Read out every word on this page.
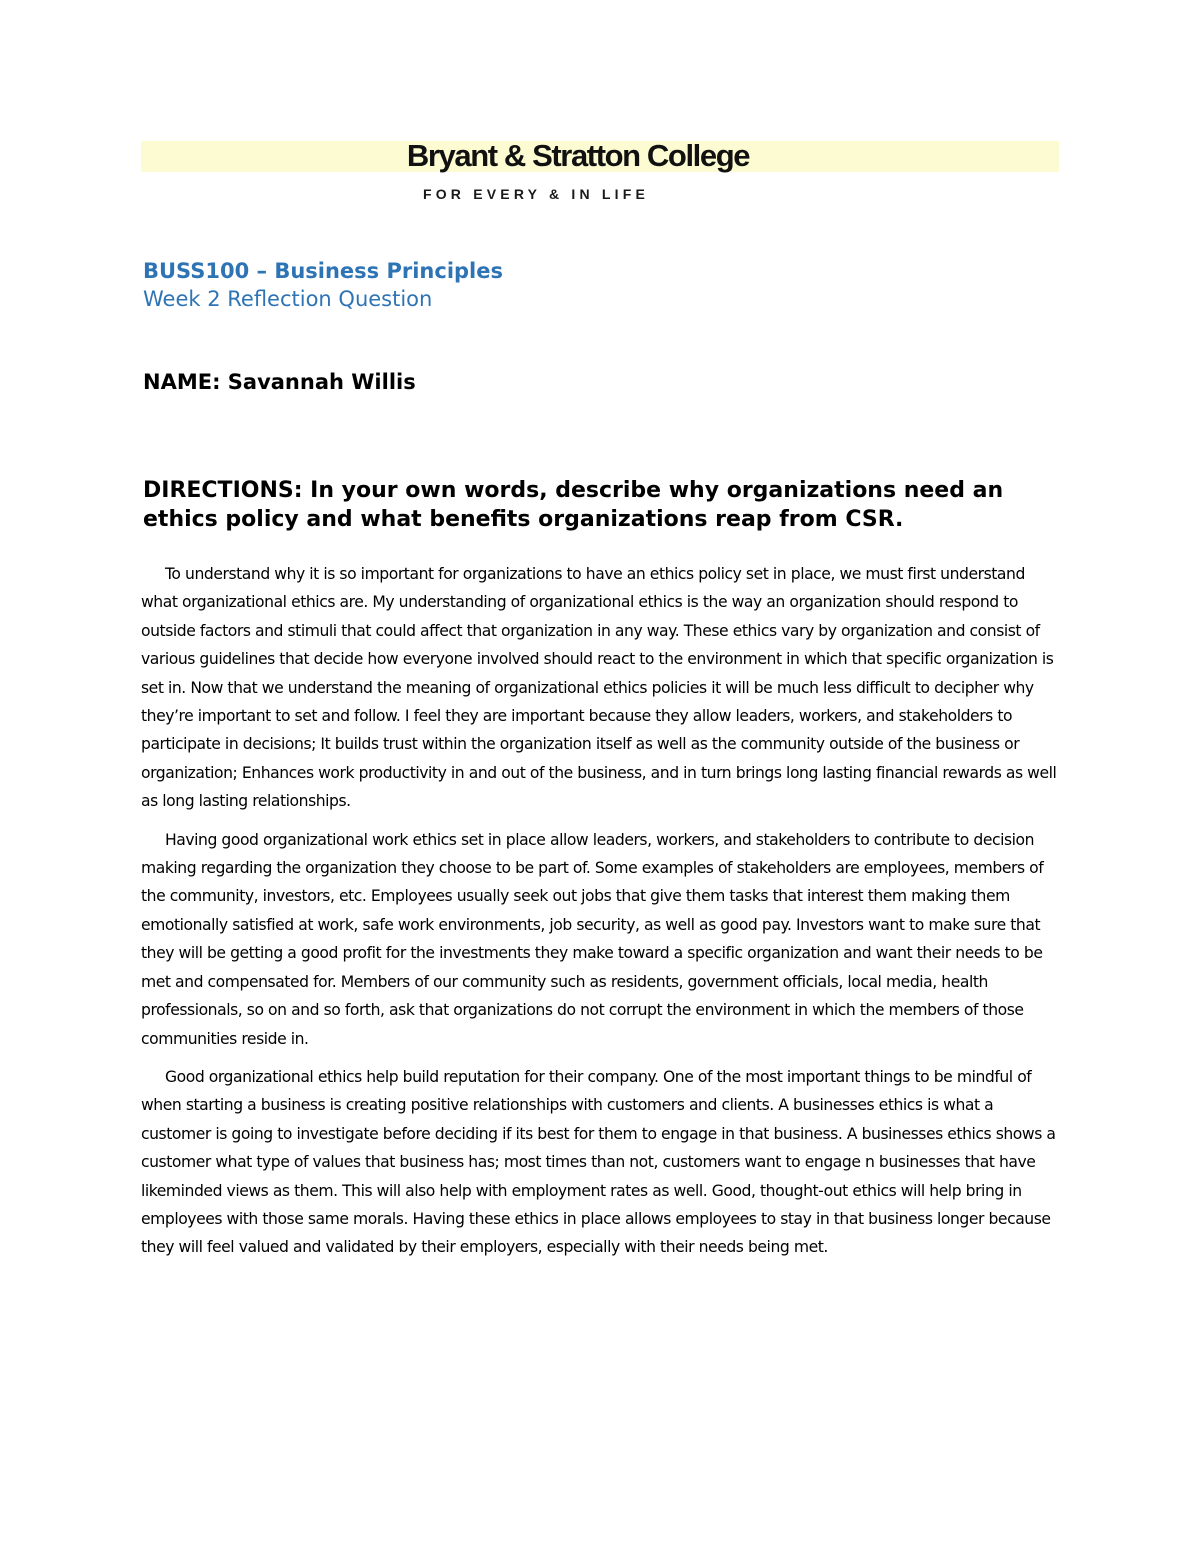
Bryant & Stratton College
FOR EVERY & IN LIFE
BUSS100 – Business Principles
Week 2 Reflection Question
NAME: Savannah Willis

DIRECTIONS: In your own words, describe why organizations need an ethics policy and what benefits organizations reap from CSR.

To understand why it is so important for organizations to have an ethics policy set in place, we must first understand what organizational ethics are. My understanding of organizational ethics is the way an organization should respond to outside factors and stimuli that could affect that organization in any way. These ethics vary by organization and consist of various guidelines that decide how everyone involved should react to the environment in which that specific organization is set in. Now that we understand the meaning of organizational ethics policies it will be much less difficult to decipher why they’re important to set and follow. I feel they are important because they allow leaders, workers, and stakeholders to participate in decisions; It builds trust within the organization itself as well as the community outside of the business or organization; Enhances work productivity in and out of the business, and in turn brings long lasting financial rewards as well as long lasting relationships.

Having good organizational work ethics set in place allow leaders, workers, and stakeholders to contribute to decision making regarding the organization they choose to be part of. Some examples of stakeholders are employees, members of the community, investors, etc. Employees usually seek out jobs that give them tasks that interest them making them emotionally satisfied at work, safe work environments, job security, as well as good pay. Investors want to make sure that they will be getting a good profit for the investments they make toward a specific organization and want their needs to be met and compensated for. Members of our community such as residents, government officials, local media, health professionals, so on and so forth, ask that organizations do not corrupt the environment in which the members of those communities reside in.

Good organizational ethics help build reputation for their company. One of the most important things to be mindful of when starting a business is creating positive relationships with customers and clients. A businesses ethics is what a customer is going to investigate before deciding if its best for them to engage in that business. A businesses ethics shows a customer what type of values that business has; most times than not, customers want to engage n businesses that have likeminded views as them. This will also help with employment rates as well. Good, thought-out ethics will help bring in employees with those same morals. Having these ethics in place allows employees to stay in that business longer because they will feel valued and validated by their employers, especially with their needs being met.
